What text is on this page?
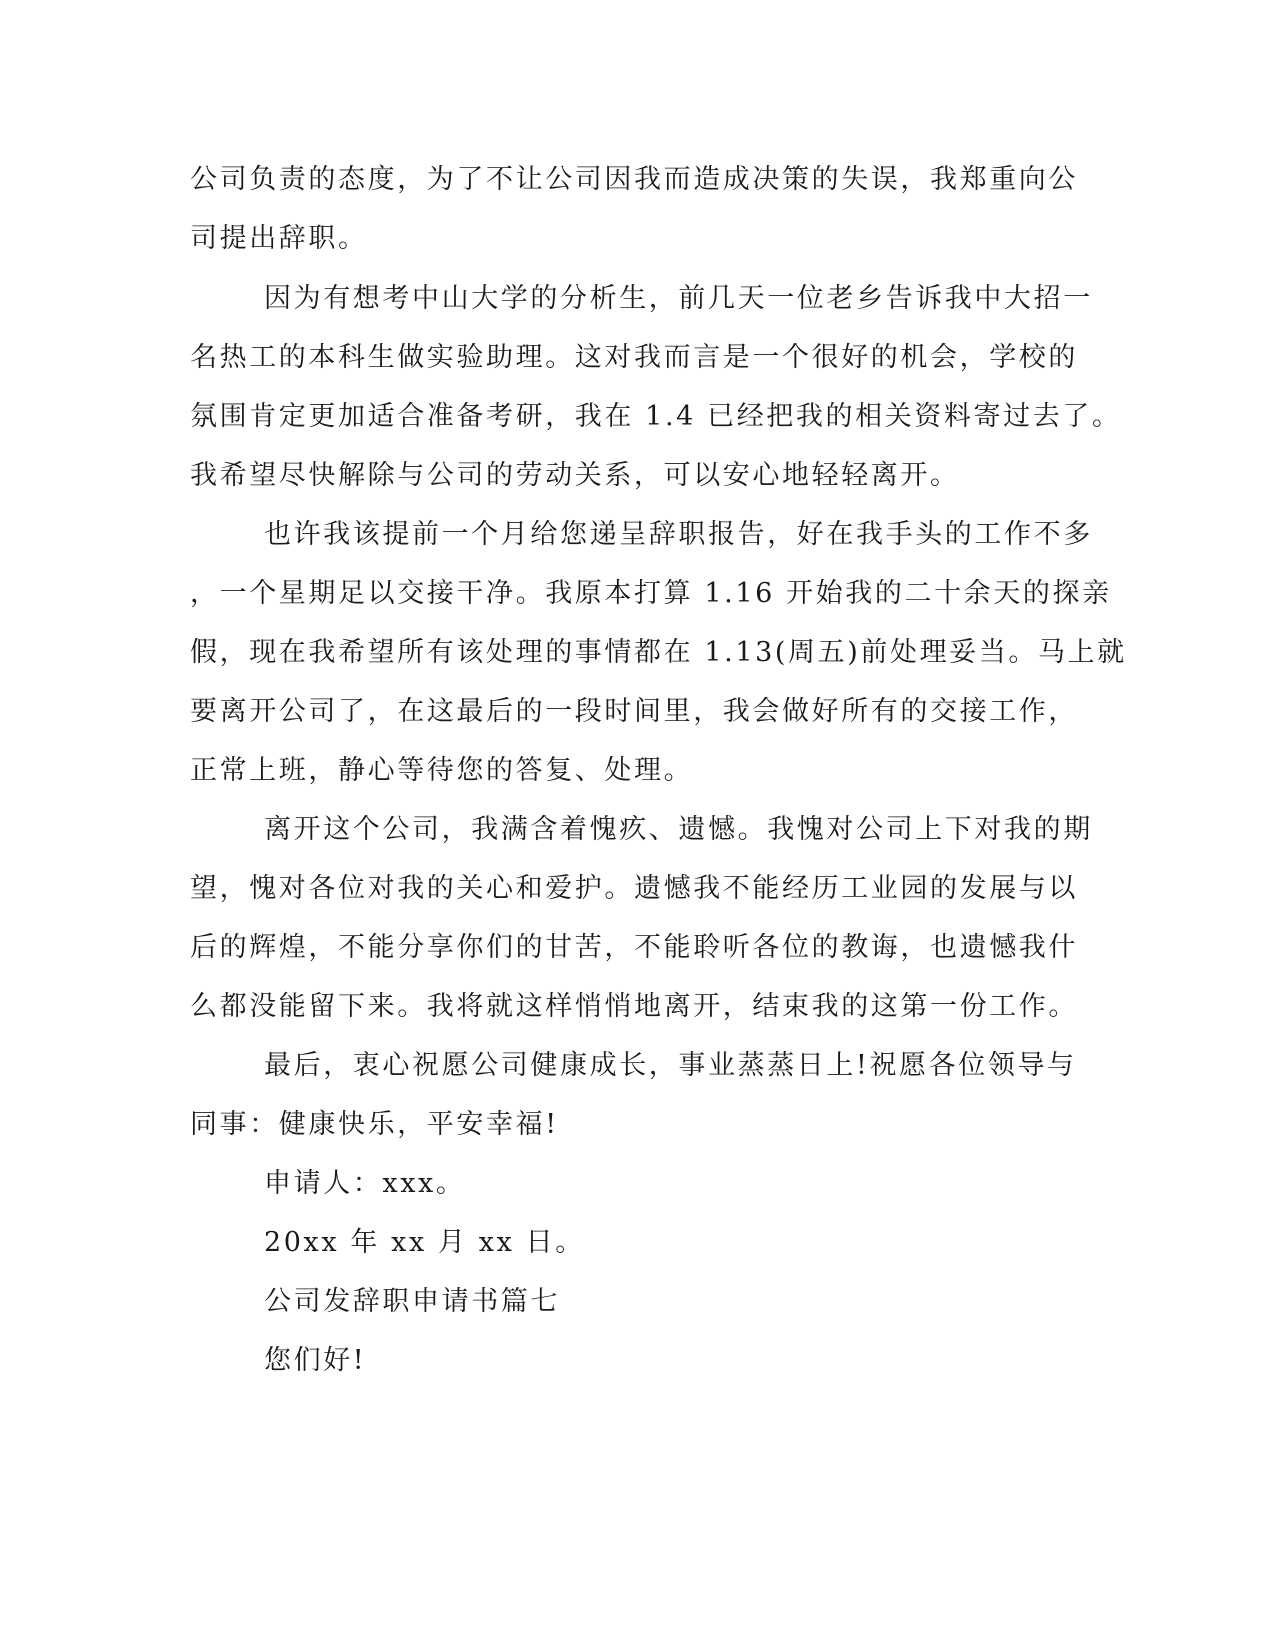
公司负责的态度，为了不让公司因我而造成决策的失误，我郑重向公
司提出辞职。
因为有想考中山大学的分析生，前几天一位老乡告诉我中大招一
名热工的本科生做实验助理。这对我而言是一个很好的机会，学校的
氛围肯定更加适合准备考研，我在 1.4 已经把我的相关资料寄过去了。
我希望尽快解除与公司的劳动关系，可以安心地轻轻离开。
也许我该提前一个月给您递呈辞职报告，好在我手头的工作不多
，一个星期足以交接干净。我原本打算 1.16 开始我的二十余天的探亲
假，现在我希望所有该处理的事情都在 1.13(周五)前处理妥当。马上就
要离开公司了，在这最后的一段时间里，我会做好所有的交接工作，
正常上班，静心等待您的答复、处理。
离开这个公司，我满含着愧疚、遗憾。我愧对公司上下对我的期
望，愧对各位对我的关心和爱护。遗憾我不能经历工业园的发展与以
后的辉煌，不能分享你们的甘苦，不能聆听各位的教诲，也遗憾我什
么都没能留下来。我将就这样悄悄地离开，结束我的这第一份工作。
最后，衷心祝愿公司健康成长，事业蒸蒸日上!祝愿各位领导与
同事：健康快乐，平安幸福!
申请人：xxx。
20xx 年 xx 月 xx 日。
公司发辞职申请书篇七
您们好!
